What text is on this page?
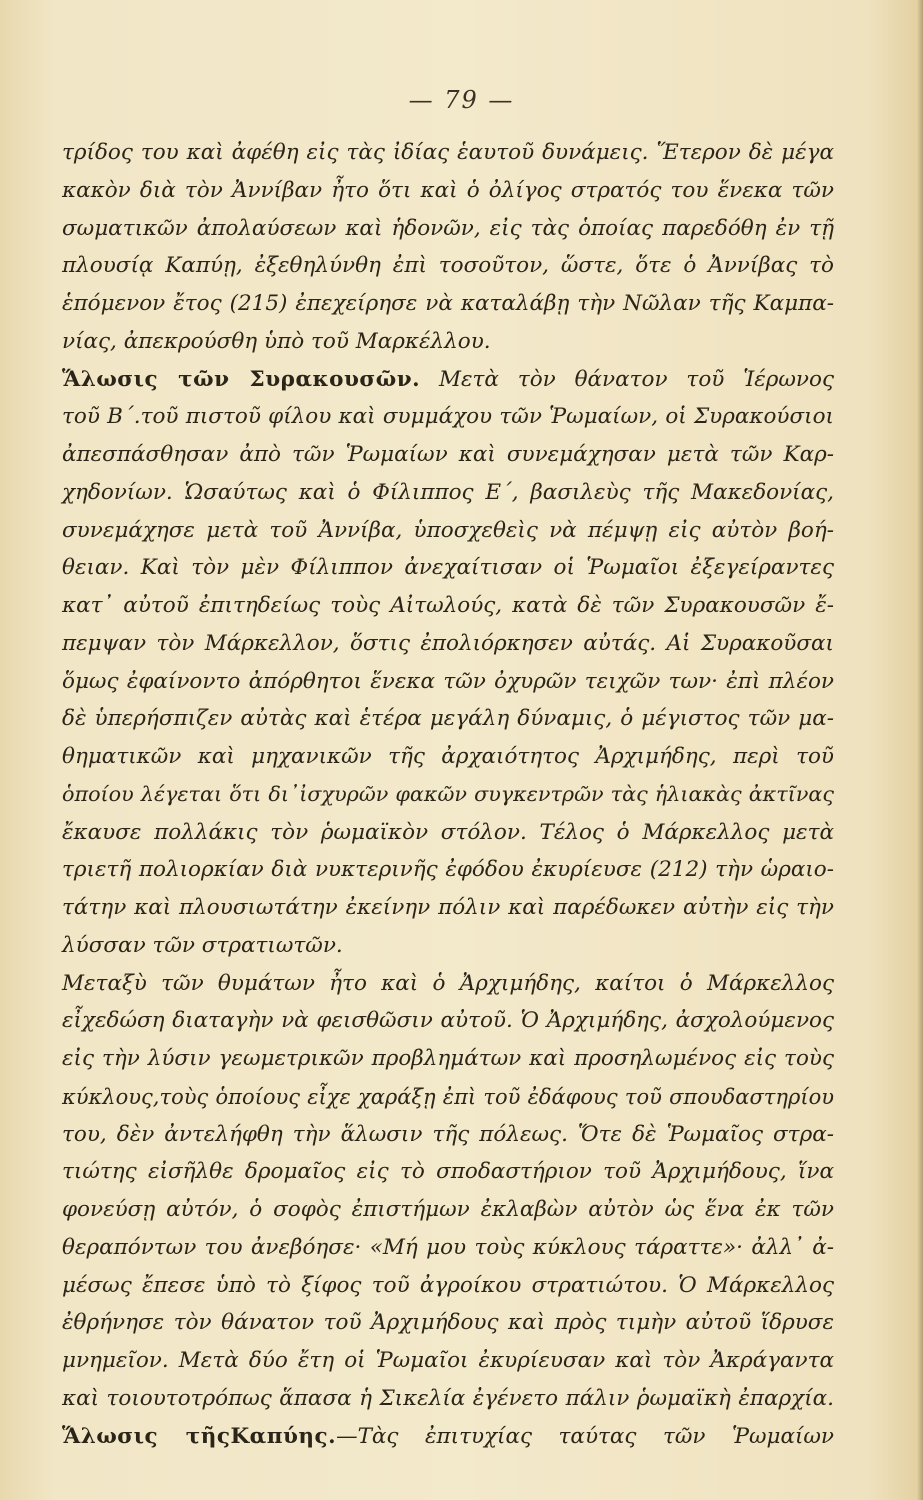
— 79 —
τρίδος του καὶ ἀφέθη εἰς τὰς ἰδίας ἑαυτοῦ δυνάμεις. Ἕτερον δὲ μέγα
κακὸν διὰ τὸν Ἀννίβαν ἦτο ὅτι καὶ ὁ ὀλίγος στρατός του ἕνεκα τῶν
σωματικῶν ἀπολαύσεων καὶ ἡδονῶν, εἰς τὰς ὁποίας παρεδόθη ἐν τῇ
πλουσίᾳ Καπύῃ, ἐξεθηλύνθη ἐπὶ τοσοῦτον, ὥστε, ὅτε ὁ Ἀννίβας τὸ
ἑπόμενον ἔτος (215) ἐπεχείρησε νὰ καταλάβῃ τὴν Νῶλαν τῆς Καμπα-
νίας, ἀπεκρούσθη ὑπὸ τοῦ Μαρκέλλου.
Ἅλωσις τῶν Συρακουσῶν. Μετὰ τὸν θάνατον τοῦ Ἱέρωνος
τοῦ Β΄.τοῦ πιστοῦ φίλου καὶ συμμάχου τῶν Ῥωμαίων, οἱ Συρακούσιοι
ἀπεσπάσθησαν ἀπὸ τῶν Ῥωμαίων καὶ συνεμάχησαν μετὰ τῶν Καρ-
χηδονίων. Ὡσαύτως καὶ ὁ Φίλιππος Ε΄, βασιλεὺς τῆς Μακεδονίας,
συνεμάχησε μετὰ τοῦ Ἀννίβα, ὑποσχεθεὶς νὰ πέμψῃ εἰς αὐτὸν βοή-
θειαν. Καὶ τὸν μὲν Φίλιππον ἀνεχαίτισαν οἱ Ῥωμαῖοι ἐξεγείραντες
κατ᾽ αὐτοῦ ἐπιτηδείως τοὺς Αἰτωλούς, κατὰ δὲ τῶν Συρακουσῶν ἔ-
πεμψαν τὸν Μάρκελλον, ὅστις ἐπολιόρκησεν αὐτάς. Αἱ Συρακοῦσαι
ὅμως ἐφαίνοντο ἀπόρθητοι ἕνεκα τῶν ὀχυρῶν τειχῶν των· ἐπὶ πλέον
δὲ ὑπερήσπιζεν αὐτὰς καὶ ἑτέρα μεγάλη δύναμις, ὁ μέγιστος τῶν μα-
θηματικῶν καὶ μηχανικῶν τῆς ἀρχαιότητος Ἀρχιμήδης, περὶ τοῦ
ὁποίου λέγεται ὅτι δι᾽ἰσχυρῶν φακῶν συγκεντρῶν τὰς ἡλιακὰς ἀκτῖνας
ἔκαυσε πολλάκις τὸν ῥωμαϊκὸν στόλον. Τέλος ὁ Μάρκελλος μετὰ
τριετῆ πολιορκίαν διὰ νυκτερινῆς ἐφόδου ἐκυρίευσε (212) τὴν ὡραιο-
τάτην καὶ πλουσιωτάτην ἐκείνην πόλιν καὶ παρέδωκεν αὐτὴν εἰς τὴν
λύσσαν τῶν στρατιωτῶν.
Μεταξὺ τῶν θυμάτων ἦτο καὶ ὁ Ἀρχιμήδης, καίτοι ὁ Μάρκελλος
εἶχεδώση διαταγὴν νὰ φεισθῶσιν αὐτοῦ. Ὁ Ἀρχιμήδης, ἀσχολούμενος
εἰς τὴν λύσιν γεωμετρικῶν προβλημάτων καὶ προσηλωμένος εἰς τοὺς
κύκλους,τοὺς ὁποίους εἶχε χαράξῃ ἐπὶ τοῦ ἐδάφους τοῦ σπουδαστηρίου
του, δὲν ἀντελήφθη τὴν ἅλωσιν τῆς πόλεως. Ὅτε δὲ Ῥωμαῖος στρα-
τιώτης εἰσῆλθε δρομαῖος εἰς τὸ σποδαστήριον τοῦ Ἀρχιμήδους, ἵνα
φονεύσῃ αὐτόν, ὁ σοφὸς ἐπιστήμων ἐκλαβὼν αὐτὸν ὡς ἕνα ἐκ τῶν
θεραπόντων του ἀνεβόησε· «Μή μου τοὺς κύκλους τάραττε»· ἀλλ᾽ ἀ-
μέσως ἔπεσε ὑπὸ τὸ ξίφος τοῦ ἀγροίκου στρατιώτου. Ὁ Μάρκελλος
ἐθρήνησε τὸν θάνατον τοῦ Ἀρχιμήδους καὶ πρὸς τιμὴν αὐτοῦ ἵδρυσε
μνημεῖον. Μετὰ δύο ἔτη οἱ Ῥωμαῖοι ἐκυρίευσαν καὶ τὸν Ἀκράγαντα
καὶ τοιουτοτρόπως ἅπασα ἡ Σικελία ἐγένετο πάλιν ῥωμαϊκὴ ἐπαρχία.
Ἅλωσις τῆςΚαπύης.—Τὰς ἐπιτυχίας ταύτας τῶν Ῥωμαίων
